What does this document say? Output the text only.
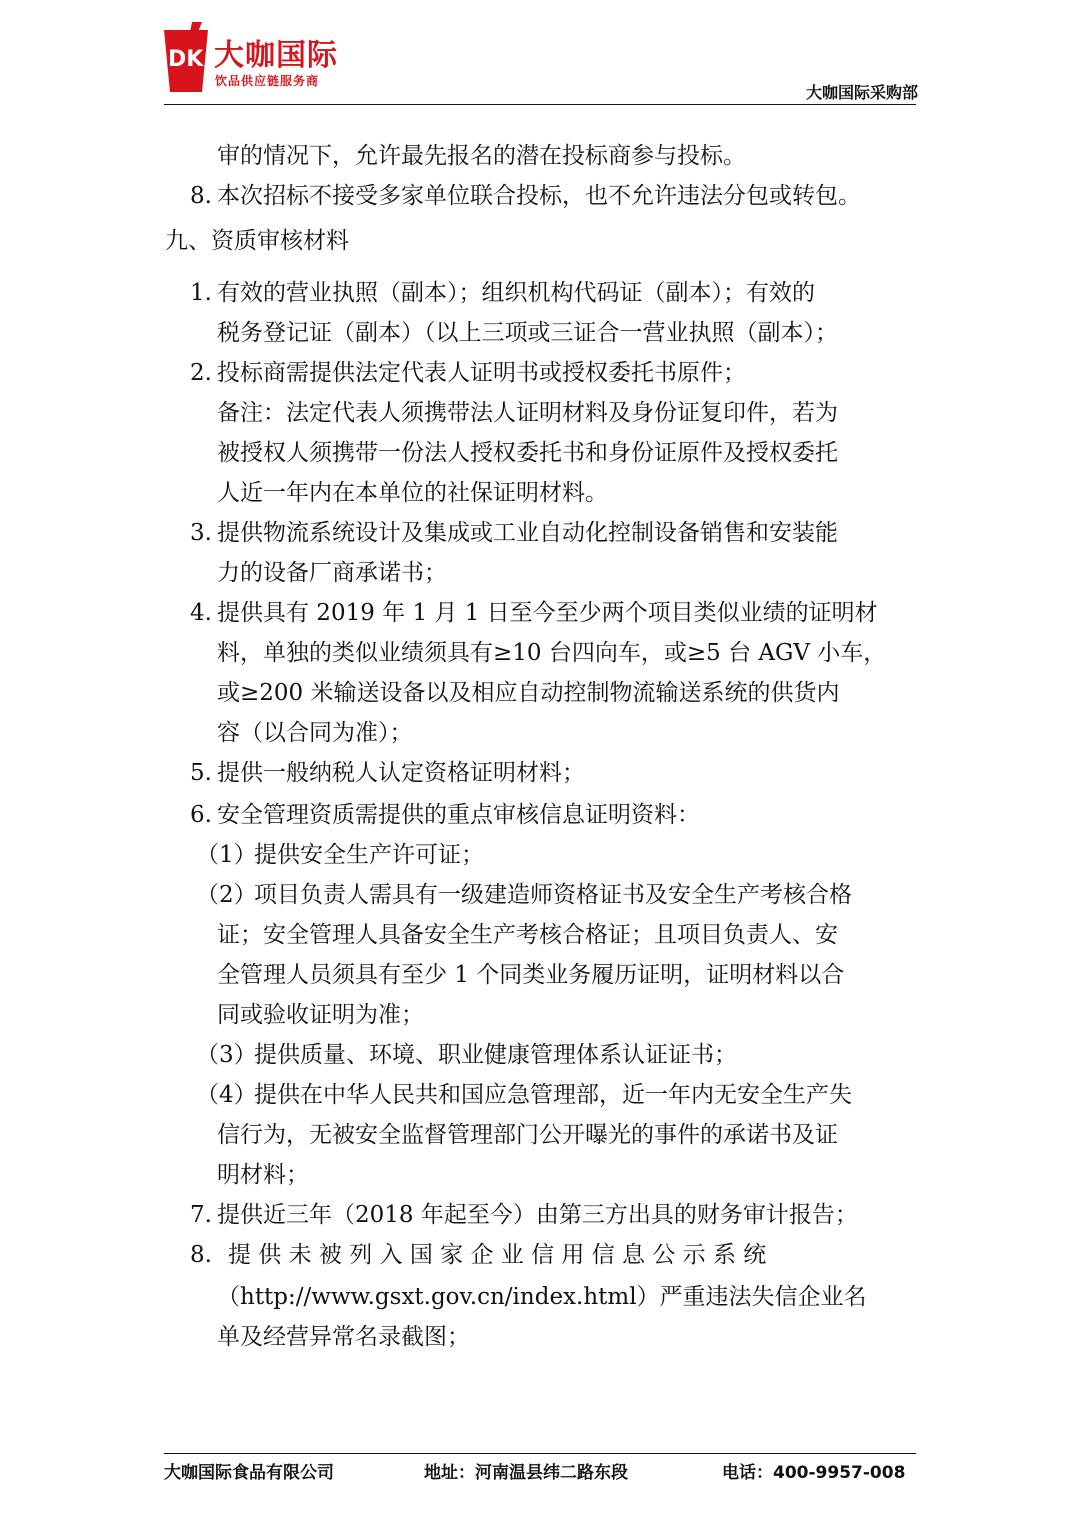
DK 大咖国际
饮品供应链服务商
大咖国际采购部
审的情况下，允许最先报名的潜在投标商参与投标。
8. 本次招标不接受多家单位联合投标，也不允许违法分包或转包。
九、资质审核材料
1. 有效的营业执照（副本）；组织机构代码证（副本）；有效的
税务登记证（副本）（以上三项或三证合一营业执照（副本）；
2. 投标商需提供法定代表人证明书或授权委托书原件；
备注：法定代表人须携带法人证明材料及身份证复印件，若为
被授权人须携带一份法人授权委托书和身份证原件及授权委托
人近一年内在本单位的社保证明材料。
3. 提供物流系统设计及集成或工业自动化控制设备销售和安装能
力的设备厂商承诺书；
4. 提供具有 2019 年 1 月 1 日至今至少两个项目类似业绩的证明材
料，单独的类似业绩须具有≥10 台四向车，或≥5 台 AGV 小车，
或≥200 米输送设备以及相应自动控制物流输送系统的供货内
容（以合同为准）；
5. 提供一般纳税人认定资格证明材料；
6. 安全管理资质需提供的重点审核信息证明资料：
（1）
提供安全生产许可证；
（2）
项目负责人需具有一级建造师资格证书及安全生产考核合格
证；安全管理人具备安全生产考核合格证；且项目负责人、安
全管理人员须具有至少 1 个同类业务履历证明，证明材料以合
同或验收证明为准；
（3）
提供质量、环境、职业健康管理体系认证证书；
（4）
提供在中华人民共和国应急管理部，近一年内无安全生产失
信行为，无被安全监督管理部门公开曝光的事件的承诺书及证
明材料；
7. 提供近三年（2018 年起至今）由第三方出具的财务审计报告；
8. 提 供 未 被 列 入 国 家 企 业 信 用 信 息 公 示 系 统
（http://www.gsxt.gov.cn/index.html）严重违法失信企业名
单及经营异常名录截图；
大咖国际食品有限公司	地址：河南温县纬二路东段	电话：400-9957-008
